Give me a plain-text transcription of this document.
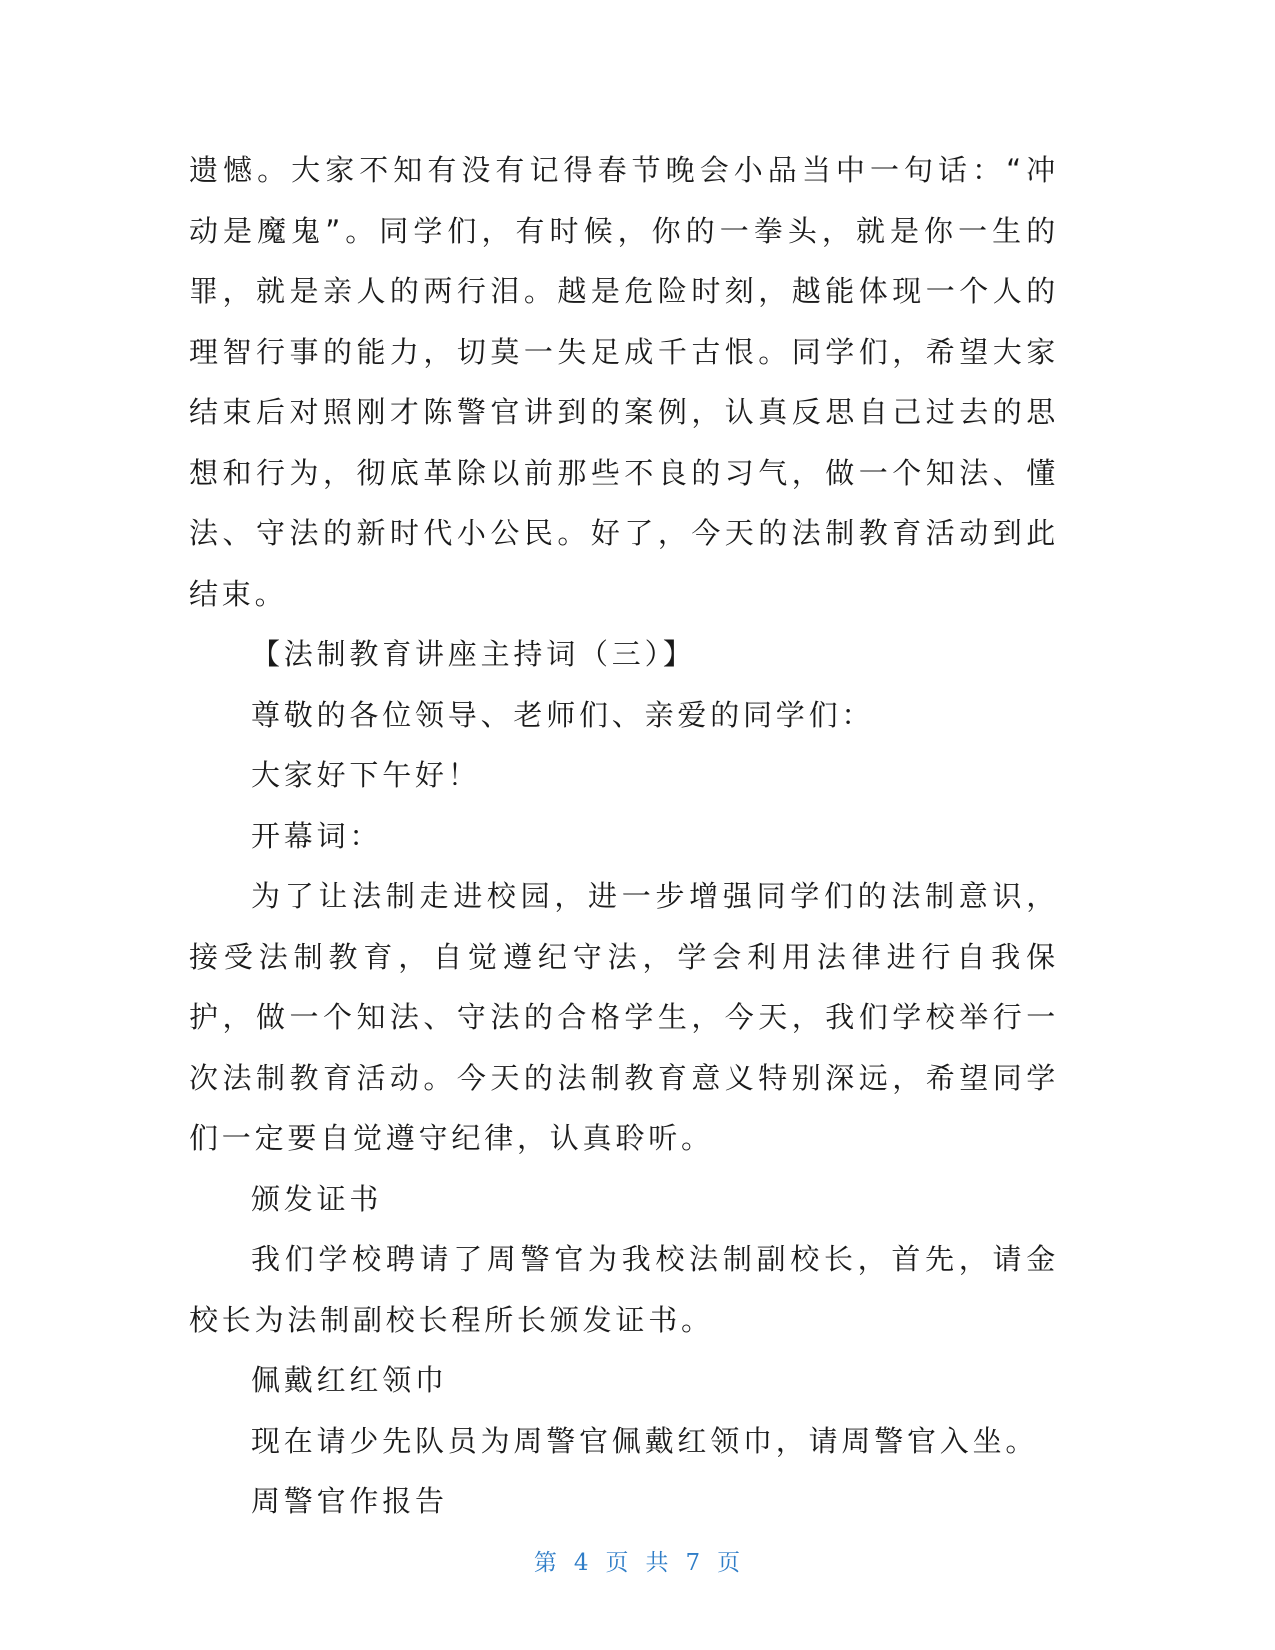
遗憾。大家不知有没有记得春节晚会小品当中一句话：“冲动是魔鬼”。同学们，有时候，你的一拳头，就是你一生的罪，就是亲人的两行泪。越是危险时刻，越能体现一个人的理智行事的能力，切莫一失足成千古恨。同学们，希望大家结束后对照刚才陈警官讲到的案例，认真反思自己过去的思想和行为，彻底革除以前那些不良的习气，做一个知法、懂法、守法的新时代小公民。好了，今天的法制教育活动到此结束。

【法制教育讲座主持词（三）】

尊敬的各位领导、老师们、亲爱的同学们：

大家好下午好！

开幕词：

为了让法制走进校园，进一步增强同学们的法制意识，接受法制教育，自觉遵纪守法，学会利用法律进行自我保护，做一个知法、守法的合格学生，今天，我们学校举行一次法制教育活动。今天的法制教育意义特别深远，希望同学们一定要自觉遵守纪律，认真聆听。

颁发证书

我们学校聘请了周警官为我校法制副校长，首先，请金校长为法制副校长程所长颁发证书。

佩戴红红领巾

现在请少先队员为周警官佩戴红领巾，请周警官入坐。

周警官作报告

第 4 页 共 7 页
